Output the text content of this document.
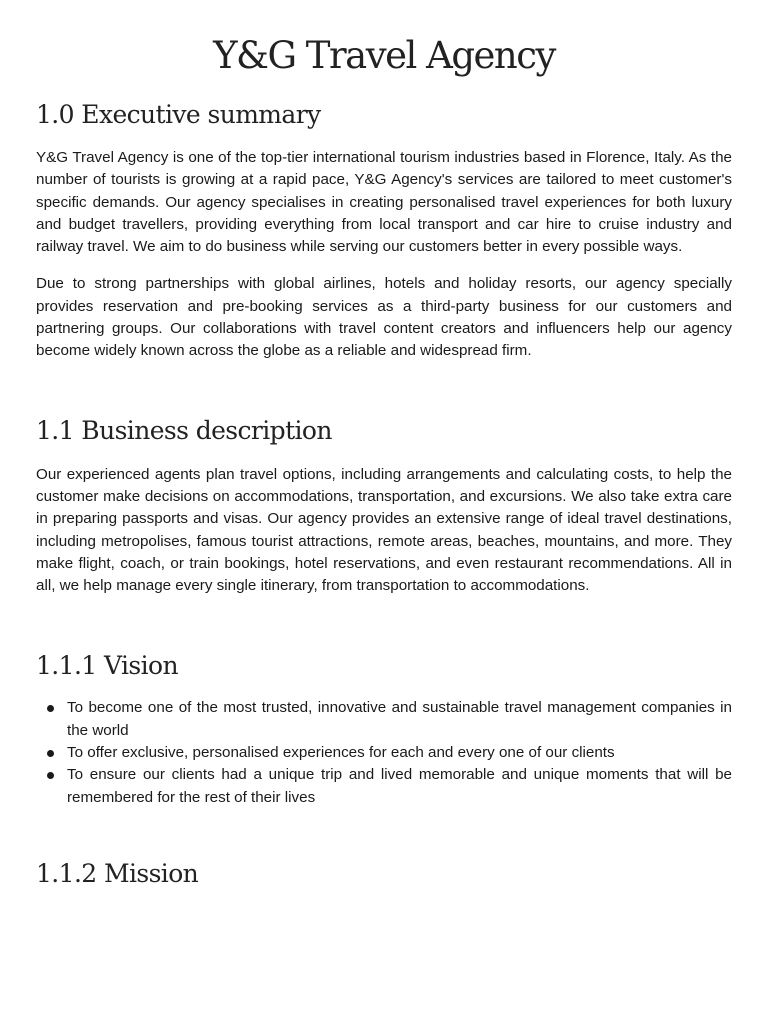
Y&G Travel Agency
1.0 Executive summary

Y&G Travel Agency is one of the top-tier international tourism industries based in Florence, Italy. As the number of tourists is growing at a rapid pace, Y&G Agency's services are tailored to meet customer's specific demands. Our agency specialises in creating personalised travel experiences for both luxury and budget travellers, providing everything from local transport and car hire to cruise industry and railway travel. We aim to do business while serving our customers better in every possible ways.

Due to strong partnerships with global airlines, hotels and holiday resorts, our agency specially provides reservation and pre-booking services as a third-party business for our customers and partnering groups. Our collaborations with travel content creators and influencers help our agency become widely known across the globe as a reliable and widespread firm.

1.1 Business description

Our experienced agents plan travel options, including arrangements and calculating costs, to help the customer make decisions on accommodations, transportation, and excursions. We also take extra care in preparing passports and visas. Our agency provides an extensive range of ideal travel destinations, including metropolises, famous tourist attractions, remote areas, beaches, mountains, and more. They make flight, coach, or train bookings, hotel reservations, and even restaurant recommendations. All in all, we help manage every single itinerary, from transportation to accommodations.

1.1.1 Vision
To become one of the most trusted, innovative and sustainable travel management companies in the world
To offer exclusive, personalised experiences for each and every one of our clients
To ensure our clients had a unique trip and lived memorable and unique moments that will be remembered for the rest of their lives
1.1.2 Mission
